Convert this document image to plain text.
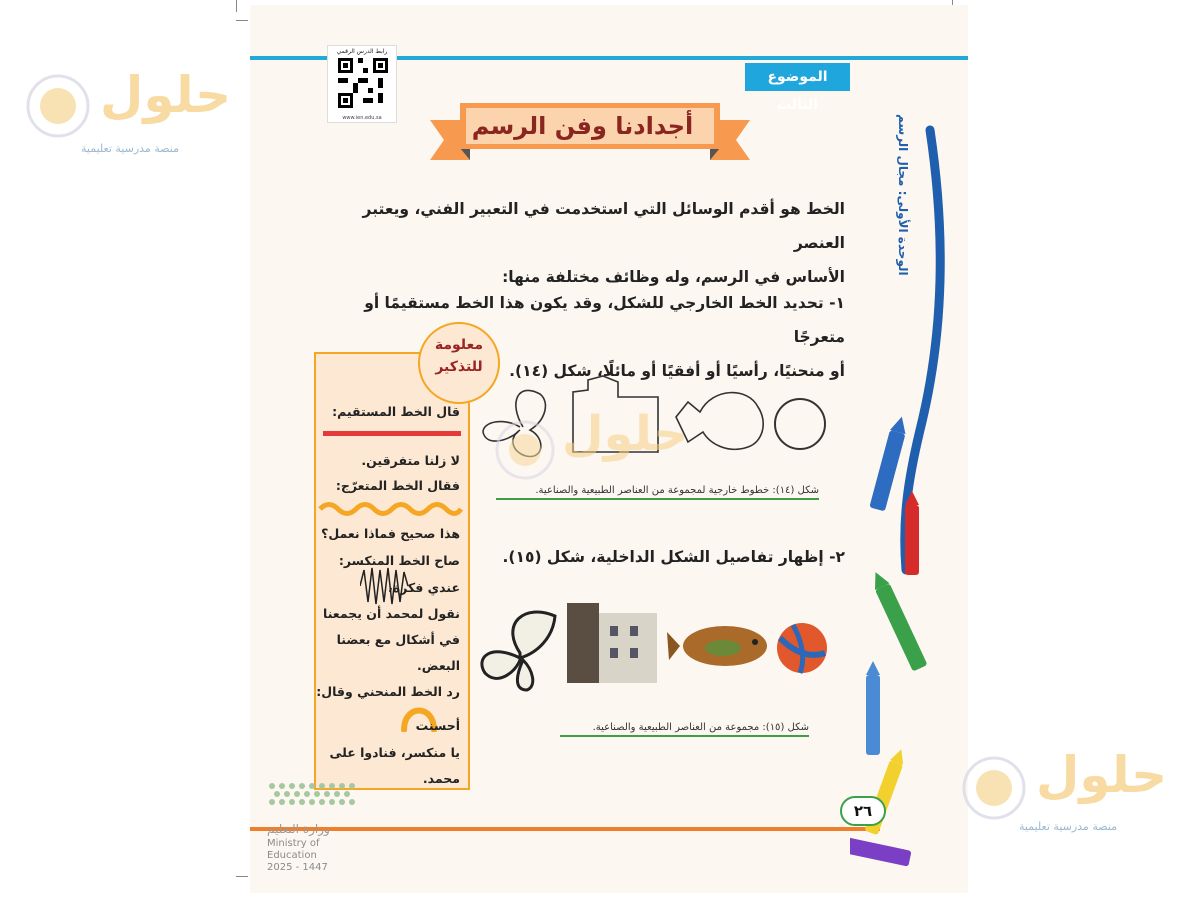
رابط الدرس الرقمي
www.ien.edu.sa
الموضوع الثالث
أجدادنا وفن الرسم	الوحدة الأولى: مجال الرسم
الخط هو أقدم الوسائل التي استخدمت في التعبير الفني، ويعتبر العنصر
الأساس في الرسم، وله وظائف مختلفة منها:
١- تحديد الخط الخارجي للشكل، وقد يكون هذا الخط مستقيمًا أو متعرجًا
أو منحنيًا، رأسيًا أو أفقيًا أو مائلًا، شكل (١٤).
شكل (١٤): خطوط خارجية لمجموعة من العناصر الطبيعية والصناعية.
٢- إظهار تفاصيل الشكل الداخلية، شكل (١٥).
شكل (١٥): مجموعة من العناصر الطبيعية والصناعية.
معلومة
للتذكير
قال الخط المستقيم:
لا زلنا متفرقين.
فقال الخط المتعرّج:
هذا صحيح فماذا نعمل؟
صاح الخط المنكسر:
عندي فكرة،
نقول لمحمد أن يجمعنا
في أشكال مع بعضنا
البعض.
رد الخط المنحني وقال:
أحسنت
يا منكسر، فنادوا على
محمد.
٢٦
وزارة التعليم
Ministry of Education
2025 - 1447
حلول
منصة مدرسية تعليمية
حلول
حلول
منصة مدرسية تعليمية
